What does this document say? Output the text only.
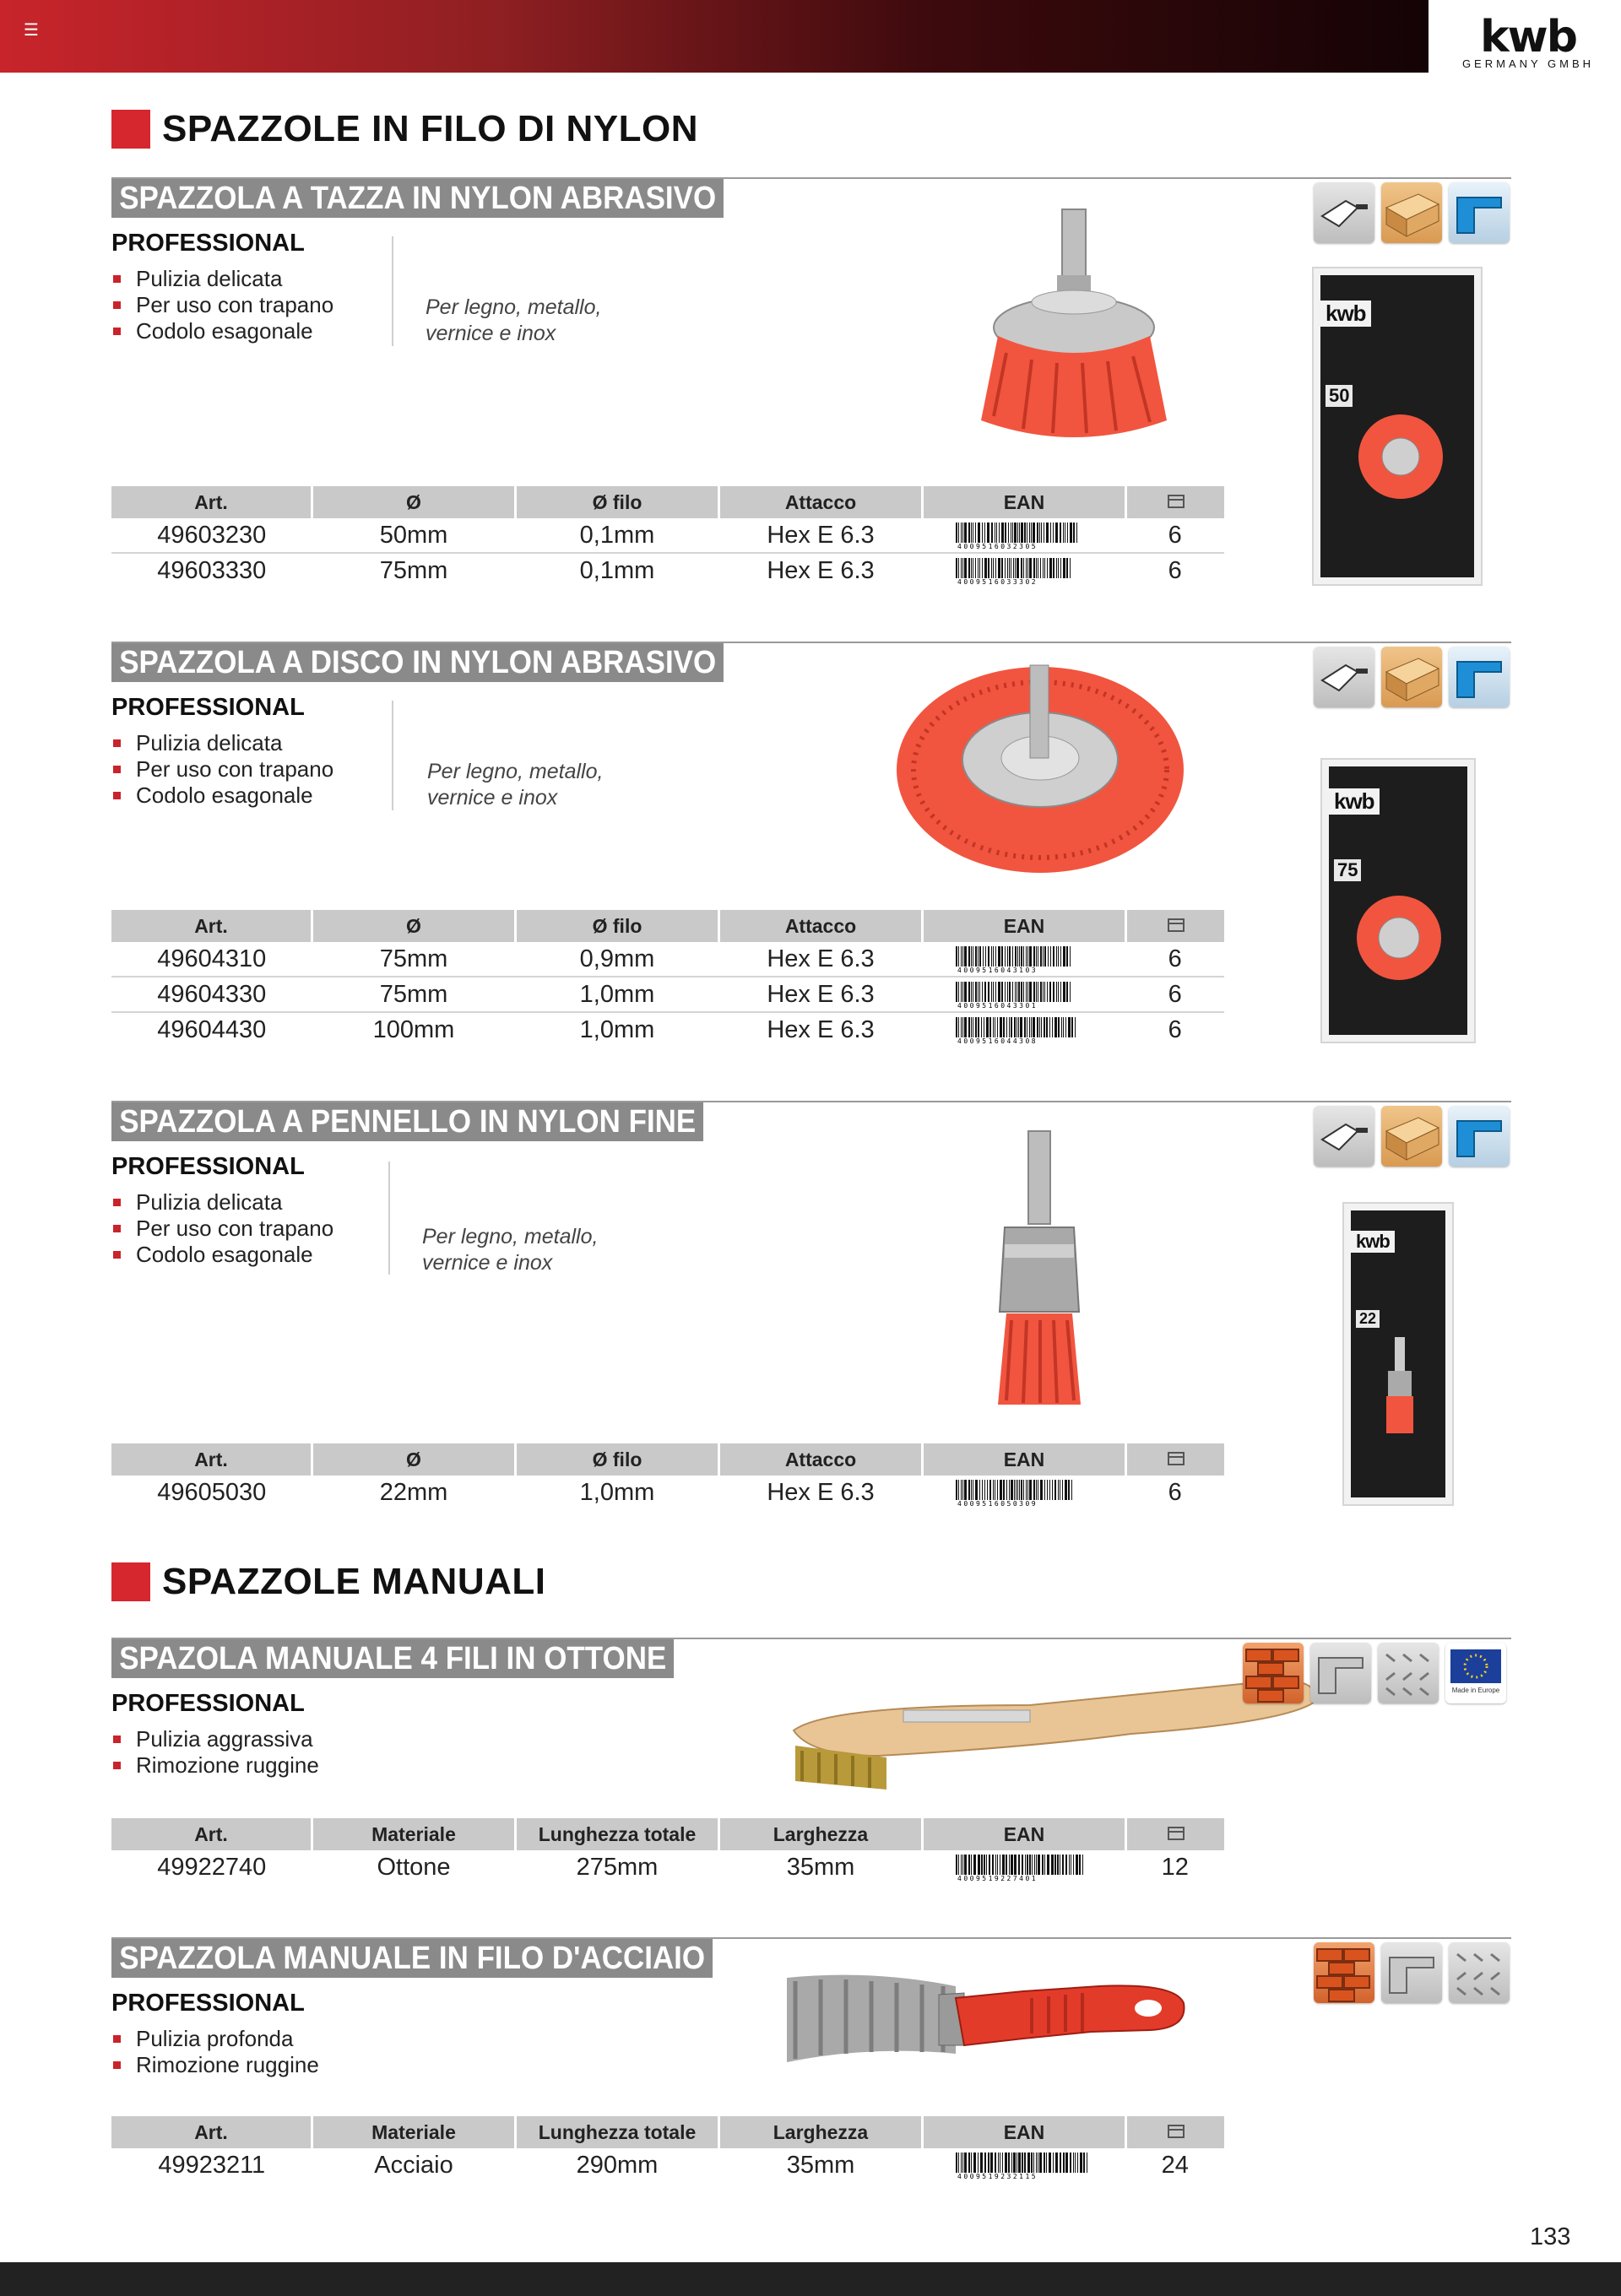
☰	kwb
GERMANY GMBH
SPAZZOLE IN FILO DI NYLON
SPAZZOLA A TAZZA IN NYLON ABRASIVO
PROFESSIONAL
Pulizia delicata
Per uso con trapano
Codolo esagonale
Per legno, metallo,
vernice e inox
kwb
50
Art.	Ø	Ø filo	Attacco	EAN	
49603230	50mm	0,1mm	Hex E 6.3	4009516032305	6
49603330	75mm	0,1mm	Hex E 6.3	4009516033302	6
SPAZZOLA A DISCO IN NYLON ABRASIVO
PROFESSIONAL
Pulizia delicata
Per uso con trapano
Codolo esagonale
Per legno, metallo,
vernice e inox	kwb
75
Art.	Ø	Ø filo	Attacco	EAN	
49604310	75mm	0,9mm	Hex E 6.3	4009516043103	6
49604330	75mm	1,0mm	Hex E 6.3	4009516043301	6
49604430	100mm	1,0mm	Hex E 6.3	4009516044308	6
SPAZZOLA A PENNELLO IN NYLON FINE
PROFESSIONAL
Pulizia delicata
Per uso con trapano
Codolo esagonale
Per legno, metallo,
vernice e inox
kwb
22
Art.	Ø	Ø filo	Attacco	EAN	
49605030	22mm	1,0mm	Hex E 6.3	4009516050309	6
SPAZZOLE MANUALI
SPAZOLA MANUALE 4 FILI IN OTTONE
PROFESSIONAL
Pulizia aggrassiva
Rimozione ruggine
Made in Europe
Art.	Materiale	Lunghezza totale	Larghezza	EAN	
49922740	Ottone	275mm	35mm	4009519227401	12
SPAZZOLA MANUALE IN FILO D'ACCIAIO
PROFESSIONAL
Pulizia profonda
Rimozione ruggine
Art.	Materiale	Lunghezza totale	Larghezza	EAN	
49923211	Acciaio	290mm	35mm	4009519232115	24
133
